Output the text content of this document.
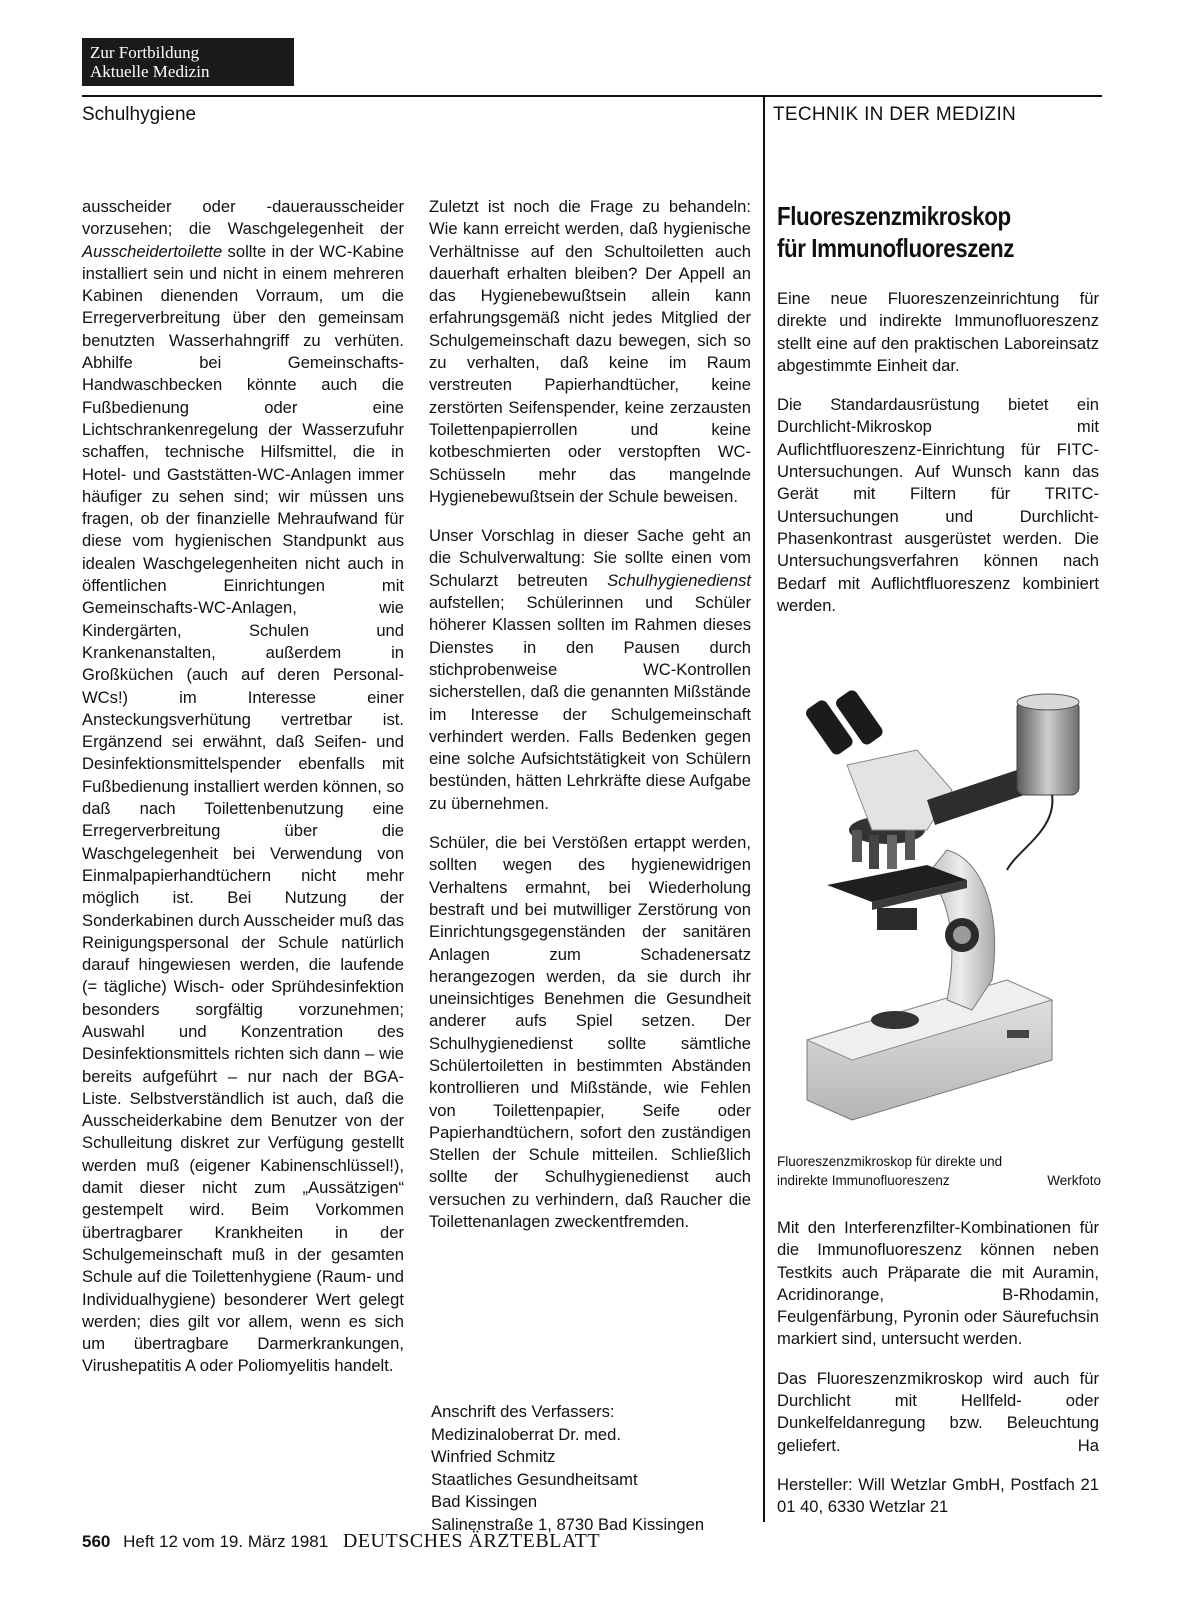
Zur Fortbildung
Aktuelle Medizin
Schulhygiene	TECHNIK IN DER MEDIZIN

ausscheider oder -dauerausscheider vorzusehen; die Waschgelegenheit der Ausscheidertoilette sollte in der WC-Kabine installiert sein und nicht in einem mehreren Kabinen dienenden Vorraum, um die Erregerverbreitung über den gemeinsam benutzten Wasserhahngriff zu verhüten. Abhilfe bei Gemeinschafts-Handwaschbecken könnte auch die Fußbedienung oder eine Lichtschrankenregelung der Wasserzufuhr schaffen, technische Hilfsmittel, die in Hotel- und Gaststätten-WC-Anlagen immer häufiger zu sehen sind; wir müssen uns fragen, ob der finanzielle Mehraufwand für diese vom hygienischen Standpunkt aus idealen Waschgelegenheiten nicht auch in öffentlichen Einrichtungen mit Gemeinschafts-WC-Anlagen, wie Kindergärten, Schulen und Krankenanstalten, außerdem in Großküchen (auch auf deren Personal-WCs!) im Interesse einer Ansteckungsverhütung vertretbar ist. Ergänzend sei erwähnt, daß Seifen- und Desinfektionsmittelspender ebenfalls mit Fußbedienung installiert werden können, so daß nach Toilettenbenutzung eine Erregerverbreitung über die Waschgelegenheit bei Verwendung von Einmalpapierhandtüchern nicht mehr möglich ist. Bei Nutzung der Sonderkabinen durch Ausscheider muß das Reinigungspersonal der Schule natürlich darauf hingewiesen werden, die laufende (= tägliche) Wisch- oder Sprühdesinfektion besonders sorgfältig vorzunehmen; Auswahl und Konzentration des Desinfektionsmittels richten sich dann – wie bereits aufgeführt – nur nach der BGA-Liste. Selbstverständlich ist auch, daß die Ausscheiderkabine dem Benutzer von der Schulleitung diskret zur Verfügung gestellt werden muß (eigener Kabinenschlüssel!), damit dieser nicht zum „Aussätzigen“ gestempelt wird. Beim Vorkommen übertragbarer Krankheiten in der Schulgemeinschaft muß in der gesamten Schule auf die Toilettenhygiene (Raum- und Individualhygiene) besonderer Wert gelegt werden; dies gilt vor allem, wenn es sich um übertragbare Darmerkrankungen, Virushepatitis A oder Poliomyelitis handelt.

Zuletzt ist noch die Frage zu behandeln: Wie kann erreicht werden, daß hygienische Verhältnisse auf den Schultoiletten auch dauerhaft erhalten bleiben? Der Appell an das Hygienebewußtsein allein kann erfahrungsgemäß nicht jedes Mitglied der Schulgemeinschaft dazu bewegen, sich so zu verhalten, daß keine im Raum verstreuten Papierhandtücher, keine zerstörten Seifenspender, keine zerzausten Toilettenpapierrollen und keine kotbeschmierten oder verstopften WC-Schüsseln mehr das mangelnde Hygienebewußtsein der Schule beweisen.

Unser Vorschlag in dieser Sache geht an die Schulverwaltung: Sie sollte einen vom Schularzt betreuten Schulhygienedienst aufstellen; Schülerinnen und Schüler höherer Klassen sollten im Rahmen dieses Dienstes in den Pausen durch stichprobenweise WC-Kontrollen sicherstellen, daß die genannten Mißstände im Interesse der Schulgemeinschaft verhindert werden. Falls Bedenken gegen eine solche Aufsichtstätigkeit von Schülern bestünden, hätten Lehrkräfte diese Aufgabe zu übernehmen.

Schüler, die bei Verstößen ertappt werden, sollten wegen des hygienewidrigen Verhaltens ermahnt, bei Wiederholung bestraft und bei mutwilliger Zerstörung von Einrichtungsgegenständen der sanitären Anlagen zum Schadenersatz herangezogen werden, da sie durch ihr uneinsichtiges Benehmen die Gesundheit anderer aufs Spiel setzen. Der Schulhygienedienst sollte sämtliche Schülertoiletten in bestimmten Abständen kontrollieren und Mißstände, wie Fehlen von Toilettenpapier, Seife oder Papierhandtüchern, sofort den zuständigen Stellen der Schule mitteilen. Schließlich sollte der Schulhygienedienst auch versuchen zu verhindern, daß Raucher die Toilettenanlagen zweckentfremden.

Anschrift des Verfassers:
Medizinaloberrat Dr. med.
Winfried Schmitz
Staatliches Gesundheitsamt
Bad Kissingen
Salinenstraße 1, 8730 Bad Kissingen
Fluoreszenzmikroskop
für Immunofluoreszenz

Eine neue Fluoreszenzeinrichtung für direkte und indirekte Immunofluoreszenz stellt eine auf den praktischen Laboreinsatz abgestimmte Einheit dar.

Die Standardausrüstung bietet ein Durchlicht-Mikroskop mit Auflichtfluoreszenz-Einrichtung für FITC-Untersuchungen. Auf Wunsch kann das Gerät mit Filtern für TRITC-Untersuchungen und Durchlicht-Phasenkontrast ausgerüstet werden. Die Untersuchungsverfahren können nach Bedarf mit Auflichtfluoreszenz kombiniert werden.

Fluoreszenzmikroskop für direkte und
indirekte Immunofluoreszenz	Werkfoto

Mit den Interferenzfilter-Kombinationen für die Immunofluoreszenz können neben Testkits auch Präparate die mit Auramin, Acridinorange, B-Rhodamin, Feulgenfärbung, Pyronin oder Säurefuchsin markiert sind, untersucht werden.

Das Fluoreszenzmikroskop wird auch für Durchlicht mit Hellfeld- oder Dunkelfeldanregung bzw. Beleuchtung geliefert.	Ha

Hersteller: Will Wetzlar GmbH, Postfach 21 01 40, 6330 Wetzlar 21

560 Heft 12 vom 19. März 1981 DEUTSCHES ÄRZTEBLATT
